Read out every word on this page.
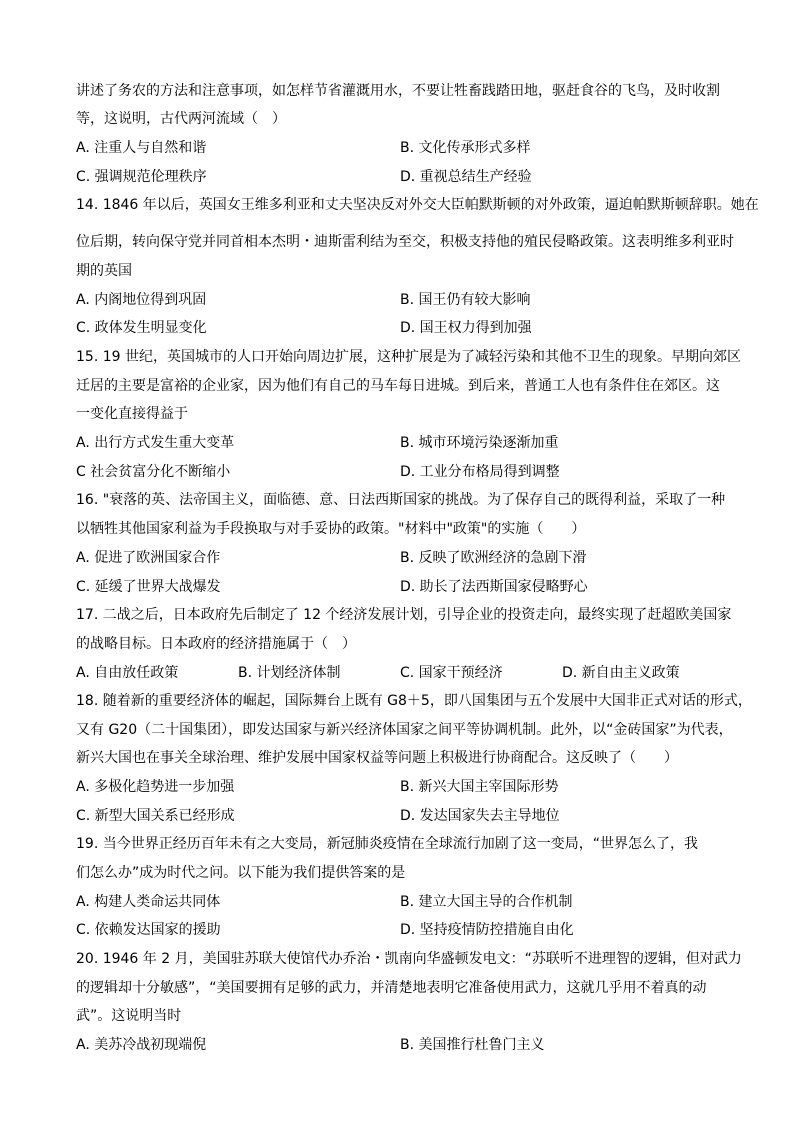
讲述了务农的方法和注意事项，如怎样节省灌溉用水，不要让牲畜践踏田地，驱赶食谷的飞鸟，及时收割
等，这说明，古代两河流域（　）
A. 注重人与自然和谐	B. 文化传承形式多样
C. 强调规范伦理秩序	D. 重视总结生产经验
14. 1846 年以后，英国女王维多利亚和丈夫坚决反对外交大臣帕默斯顿的对外政策，逼迫帕默斯顿辞职。她在
位后期，转向保守党并同首相本杰明・迪斯雷利结为至交，积极支持他的殖民侵略政策。这表明维多利亚时
期的英国
A. 内阁地位得到巩固	B. 国王仍有较大影响
C. 政体发生明显变化	D. 国王权力得到加强
15. 19 世纪，英国城市的人口开始向周边扩展，这种扩展是为了减轻污染和其他不卫生的现象。早期向郊区
迁居的主要是富裕的企业家，因为他们有自己的马车每日进城。到后来，普通工人也有条件住在郊区。这
一变化直接得益于
A. 出行方式发生重大变革	B. 城市环境污染逐渐加重
C 社会贫富分化不断缩小	D. 工业分布格局得到调整
16. "衰落的英、法帝国主义，面临德、意、日法西斯国家的挑战。为了保存自己的既得利益，采取了一种
以牺牲其他国家利益为手段换取与对手妥协的政策。"材料中"政策"的实施（　　）
A. 促进了欧洲国家合作	B. 反映了欧洲经济的急剧下滑
C. 延缓了世界大战爆发	D. 助长了法西斯国家侵略野心
17. 二战之后，日本政府先后制定了 12 个经济发展计划，引导企业的投资走向，最终实现了赶超欧美国家
的战略目标。日本政府的经济措施属于（　）
A. 自由放任政策	B. 计划经济体制	C. 国家干预经济	D. 新自由主义政策
18. 随着新的重要经济体的崛起，国际舞台上既有 G8＋5，即八国集团与五个发展中大国非正式对话的形式，
又有 G20（二十国集团），即发达国家与新兴经济体国家之间平等协调机制。此外，以“金砖国家”为代表，
新兴大国也在事关全球治理、维护发展中国家权益等问题上积极进行协商配合。这反映了（　　）
A. 多极化趋势进一步加强	B. 新兴大国主宰国际形势
C. 新型大国关系已经形成	D. 发达国家失去主导地位
19. 当今世界正经历百年未有之大变局，新冠肺炎疫情在全球流行加剧了这一变局，“世界怎么了，我
们怎么办”成为时代之问。以下能为我们提供答案的是
A. 构建人类命运共同体	B. 建立大国主导的合作机制
C. 依赖发达国家的援助	D. 坚持疫情防控措施自由化
20. 1946 年 2 月，美国驻苏联大使馆代办乔治・凯南向华盛顿发电文：“苏联听不进理智的逻辑，但对武力
的逻辑却十分敏感”，“美国要拥有足够的武力，并清楚地表明它准备使用武力，这就几乎用不着真的动
武”。这说明当时
A. 美苏冷战初现端倪	B. 美国推行杜鲁门主义
